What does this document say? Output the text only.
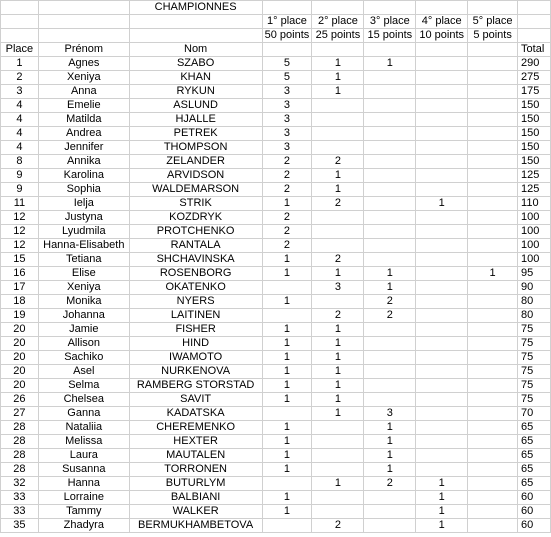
		CHAMPIONNES						
			1° place	2° place	3° place	4° place	5° place	
			50 points	25 points	15 points	10 points	5 points	
Place	Prénom	Nom						Total
1	Agnes	SZABO	5	1	1			290
2	Xeniya	KHAN	5	1				275
3	Anna	RYKUN	3	1				175
4	Emelie	ASLUND	3					150
4	Matilda	HJALLE	3					150
4	Andrea	PETREK	3					150
4	Jennifer	THOMPSON	3					150
8	Annika	ZELANDER	2	2				150
9	Karolina	ARVIDSON	2	1				125
9	Sophia	WALDEMARSON	2	1				125
11	Ielja	STRIK	1	2		1		110
12	Justyna	KOZDRYK	2					100
12	Lyudmila	PROTCHENKO	2					100
12	Hanna-Elisabeth	RANTALA	2					100
15	Tetiana	SHCHAVINSKA	1	2				100
16	Elise	ROSENBORG	1	1	1		1	95
17	Xeniya	OKATENKO		3	1			90
18	Monika	NYERS	1		2			80
19	Johanna	LAITINEN		2	2			80
20	Jamie	FISHER	1	1				75
20	Allison	HIND	1	1				75
20	Sachiko	IWAMOTO	1	1				75
20	Asel	NURKENOVA	1	1				75
20	Selma	RAMBERG STORSTAD	1	1				75
26	Chelsea	SAVIT	1	1				75
27	Ganna	KADATSKA		1	3			70
28	Nataliia	CHEREMENKO	1		1			65
28	Melissa	HEXTER	1		1			65
28	Laura	MAUTALEN	1		1			65
28	Susanna	TORRONEN	1		1			65
32	Hanna	BUTURLYM		1	2	1		65
33	Lorraine	BALBIANI	1			1		60
33	Tammy	WALKER	1			1		60
35	Zhadyra	BERMUKHAMBETOVA		2		1		60
